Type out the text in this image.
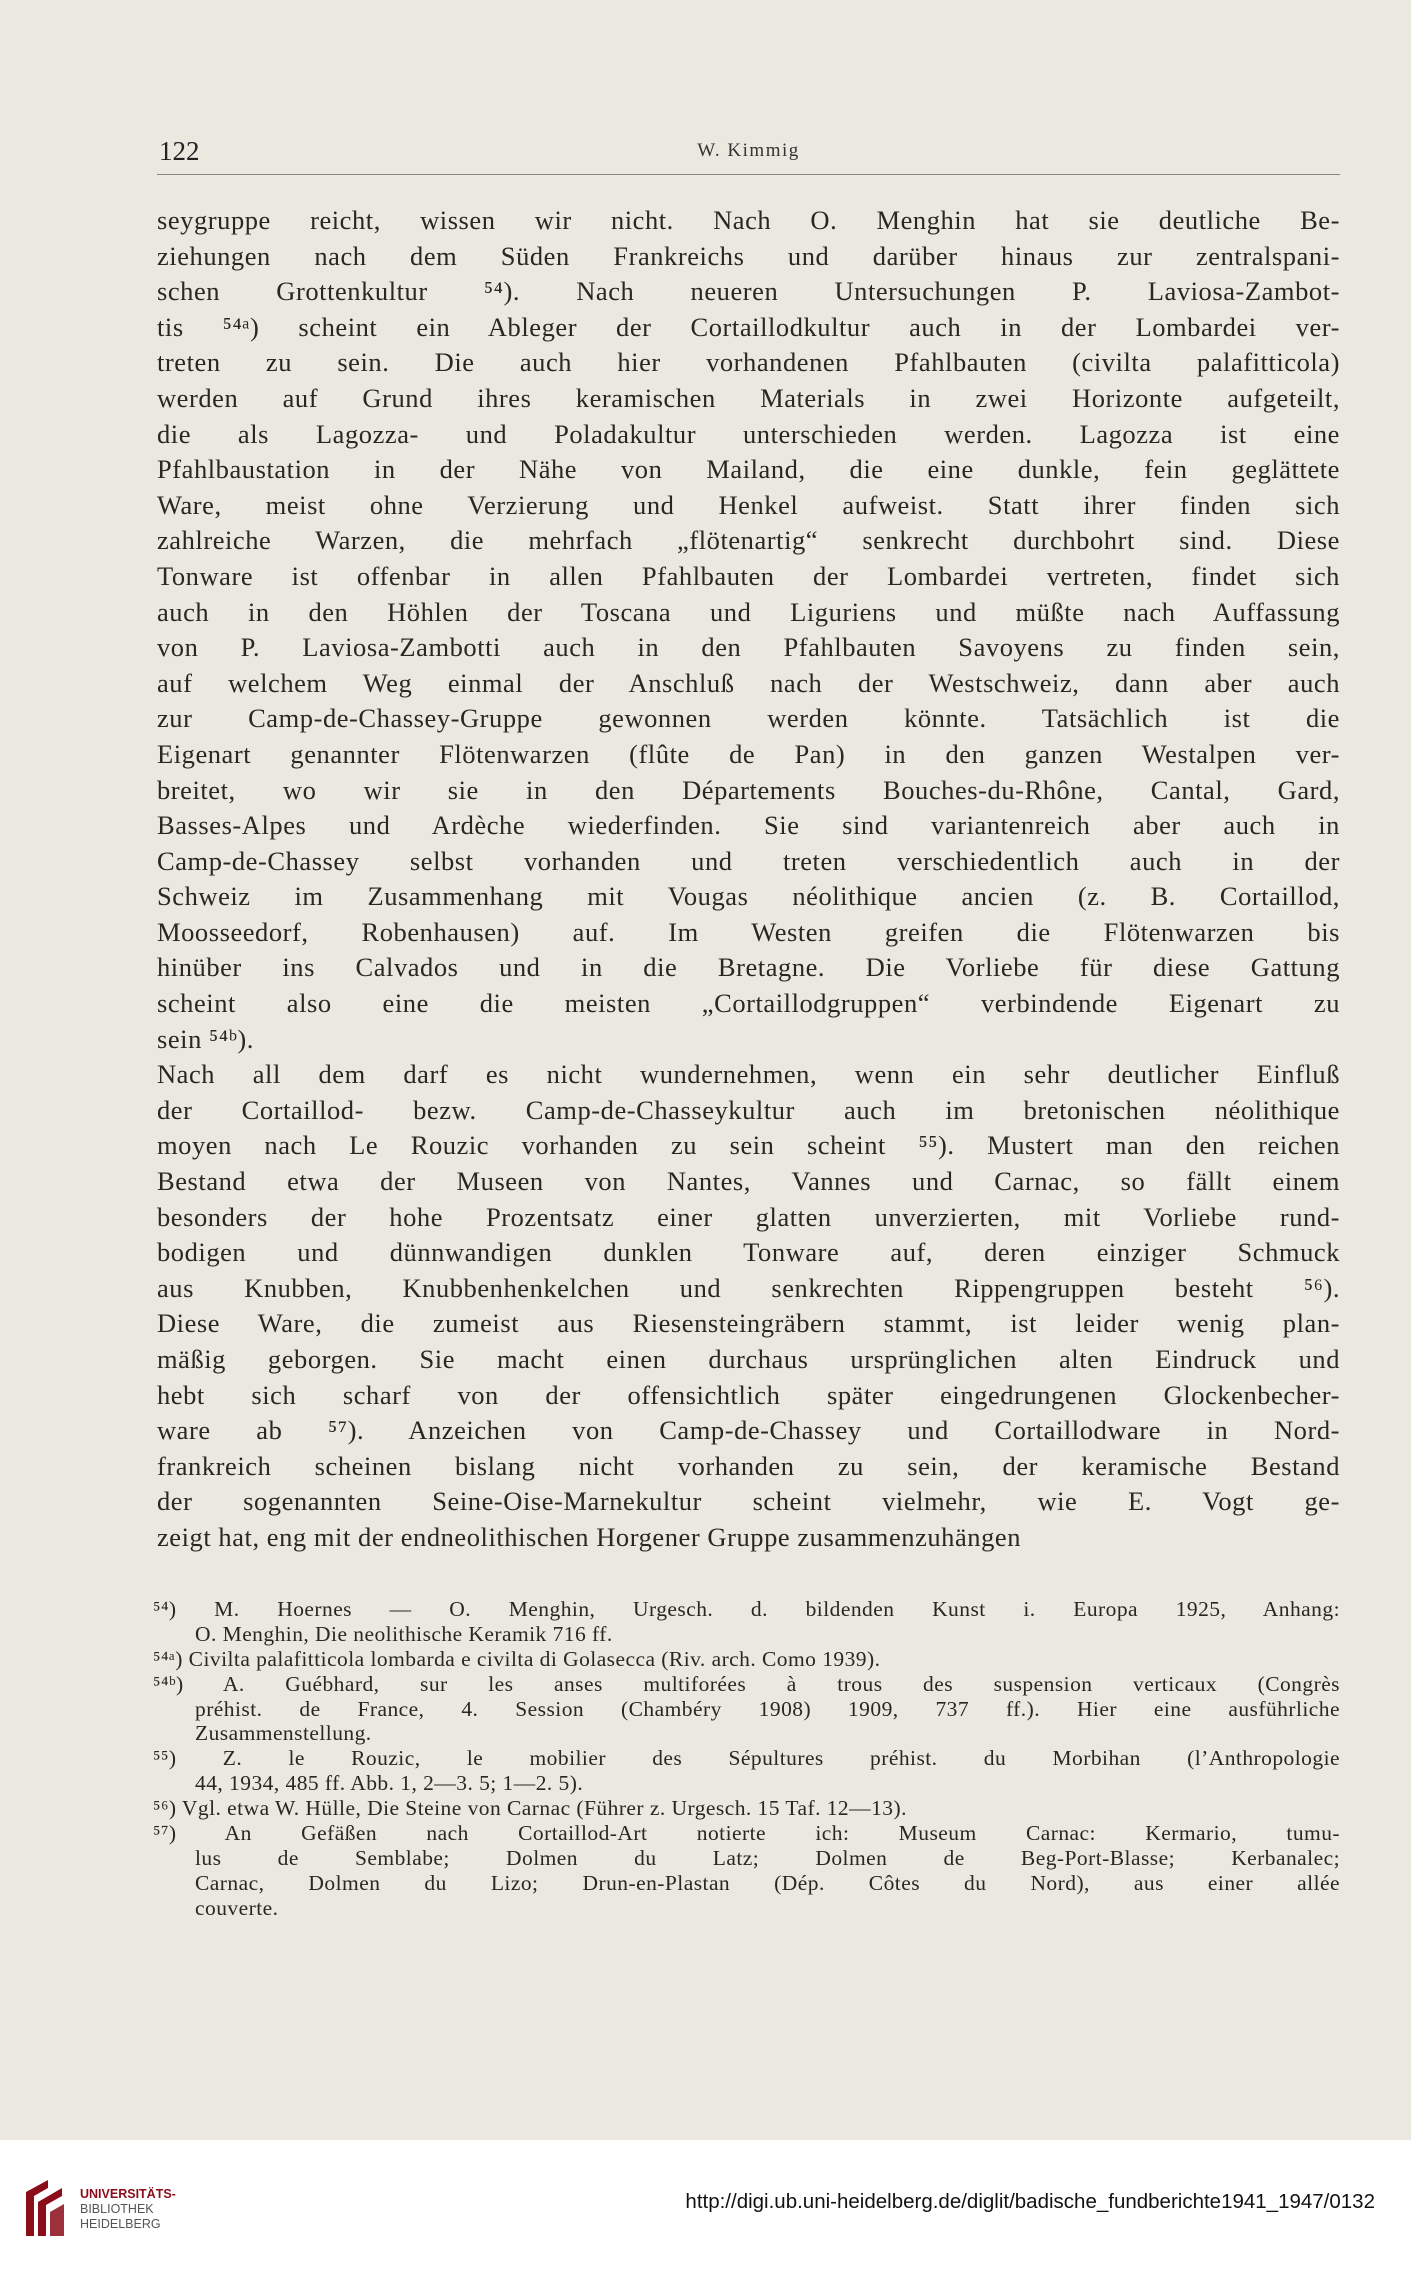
122	W. Kimmig
seygruppe reicht, wissen wir nicht. Nach O. Menghin hat sie deutliche Be-
ziehungen nach dem Süden Frankreichs und darüber hinaus zur zentralspani-
schen Grottenkultur ⁵⁴). Nach neueren Untersuchungen P. Laviosa-Zambot-
tis ⁵⁴ᵃ) scheint ein Ableger der Cortaillodkultur auch in der Lombardei ver-
treten zu sein. Die auch hier vorhandenen Pfahlbauten (civilta palafitticola)
werden auf Grund ihres keramischen Materials in zwei Horizonte aufgeteilt,
die als Lagozza- und Poladakultur unterschieden werden. Lagozza ist eine
Pfahlbaustation in der Nähe von Mailand, die eine dunkle, fein geglättete
Ware, meist ohne Verzierung und Henkel aufweist. Statt ihrer finden sich
zahlreiche Warzen, die mehrfach „flötenartig“ senkrecht durchbohrt sind. Diese
Tonware ist offenbar in allen Pfahlbauten der Lombardei vertreten, findet sich
auch in den Höhlen der Toscana und Liguriens und müßte nach Auffassung
von P. Laviosa-Zambotti auch in den Pfahlbauten Savoyens zu finden sein,
auf welchem Weg einmal der Anschluß nach der Westschweiz, dann aber auch
zur Camp-de-Chassey-Gruppe gewonnen werden könnte. Tatsächlich ist die
Eigenart genannter Flötenwarzen (flûte de Pan) in den ganzen Westalpen ver-
breitet, wo wir sie in den Départements Bouches-du-Rhône, Cantal, Gard,
Basses-Alpes und Ardèche wiederfinden. Sie sind variantenreich aber auch in
Camp-de-Chassey selbst vorhanden und treten verschiedentlich auch in der
Schweiz im Zusammenhang mit Vougas néolithique ancien (z. B. Cortaillod,
Moosseedorf, Robenhausen) auf. Im Westen greifen die Flötenwarzen bis
hinüber ins Calvados und in die Bretagne. Die Vorliebe für diese Gattung
scheint also eine die meisten „Cortaillodgruppen“ verbindende Eigenart zu
sein ⁵⁴ᵇ).
Nach all dem darf es nicht wundernehmen, wenn ein sehr deutlicher Einfluß
der Cortaillod- bezw. Camp-de-Chasseykultur auch im bretonischen néolithique
moyen nach Le Rouzic vorhanden zu sein scheint ⁵⁵). Mustert man den reichen
Bestand etwa der Museen von Nantes, Vannes und Carnac, so fällt einem
besonders der hohe Prozentsatz einer glatten unverzierten, mit Vorliebe rund-
bodigen und dünnwandigen dunklen Tonware auf, deren einziger Schmuck
aus Knubben, Knubbenhenkelchen und senkrechten Rippengruppen besteht ⁵⁶).
Diese Ware, die zumeist aus Riesensteingräbern stammt, ist leider wenig plan-
mäßig geborgen. Sie macht einen durchaus ursprünglichen alten Eindruck und
hebt sich scharf von der offensichtlich später eingedrungenen Glockenbecher-
ware ab ⁵⁷). Anzeichen von Camp-de-Chassey und Cortaillodware in Nord-
frankreich scheinen bislang nicht vorhanden zu sein, der keramische Bestand
der sogenannten Seine-Oise-Marnekultur scheint vielmehr, wie E. Vogt ge-
zeigt hat, eng mit der endneolithischen Horgener Gruppe zusammenzuhängen
⁵⁴) M. Hoernes — O. Menghin, Urgesch. d. bildenden Kunst i. Europa 1925, Anhang:
O. Menghin, Die neolithische Keramik 716 ff.
⁵⁴ᵃ) Civilta palafitticola lombarda e civilta di Golasecca (Riv. arch. Como 1939).
⁵⁴ᵇ) A. Guébhard, sur les anses multiforées à trous des suspension verticaux (Congrès
préhist. de France, 4. Session (Chambéry 1908) 1909, 737 ff.). Hier eine ausführliche
Zusammenstellung.
⁵⁵) Z. le Rouzic, le mobilier des Sépultures préhist. du Morbihan (l’Anthropologie
44, 1934, 485 ff. Abb. 1, 2—3. 5; 1—2. 5).
⁵⁶) Vgl. etwa W. Hülle, Die Steine von Carnac (Führer z. Urgesch. 15 Taf. 12—13).
⁵⁷) An Gefäßen nach Cortaillod-Art notierte ich: Museum Carnac: Kermario, tumu-
lus de Semblabe; Dolmen du Latz; Dolmen de Beg-Port-Blasse; Kerbanalec;
Carnac, Dolmen du Lizo; Drun-en-Plastan (Dép. Côtes du Nord), aus einer allée
couverte.
UNIVERSITÄTS-
BIBLIOTHEK
HEIDELBERG
http://digi.ub.uni-heidelberg.de/diglit/badische_fundberichte1941_1947/0132
